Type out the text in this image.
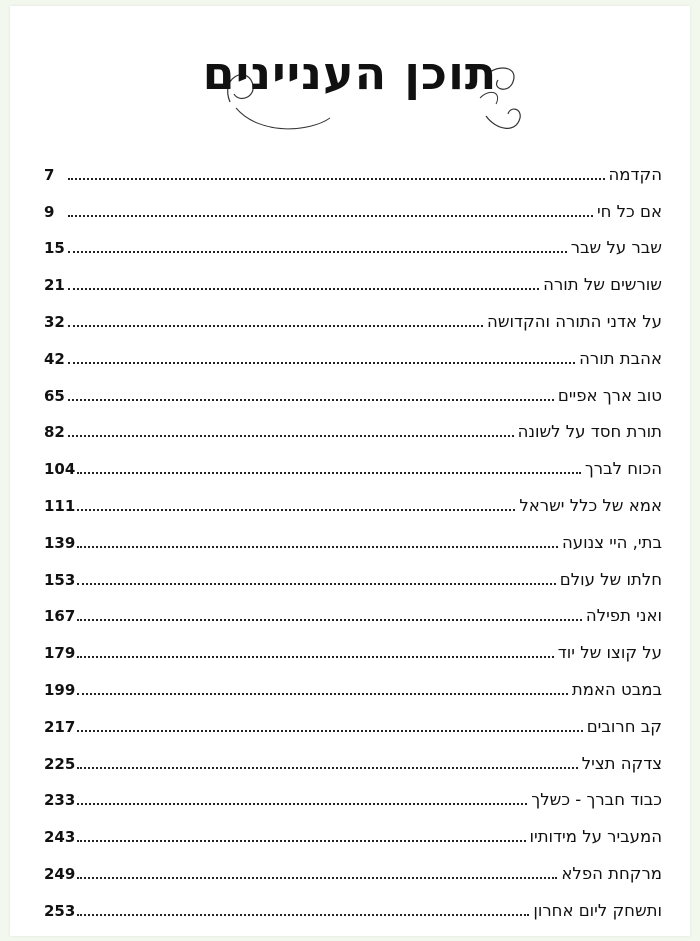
תוכן העניינים
הקדמה
7
אם כל חי
9
שבר על שבר
15
שורשים של תורה
21
על אדני התורה והקדושה
32
אהבת תורה
42
טוב ארך אפיים
65
תורת חסד על לשונה
82
הכוח לברך
104
אמא של כלל ישראל
111
בתי, היי צנועה
139
חלתו של עולם
153
ואני תפילה
167
על קוצו של יוד
179
במבט האמת
199
קב חרובים
217
צדקה תציל
225
כבוד חברך - כשלך
233
המעביר על מידותיו
243
מרקחת הפלא
249
ותשחק ליום אחרון
253
